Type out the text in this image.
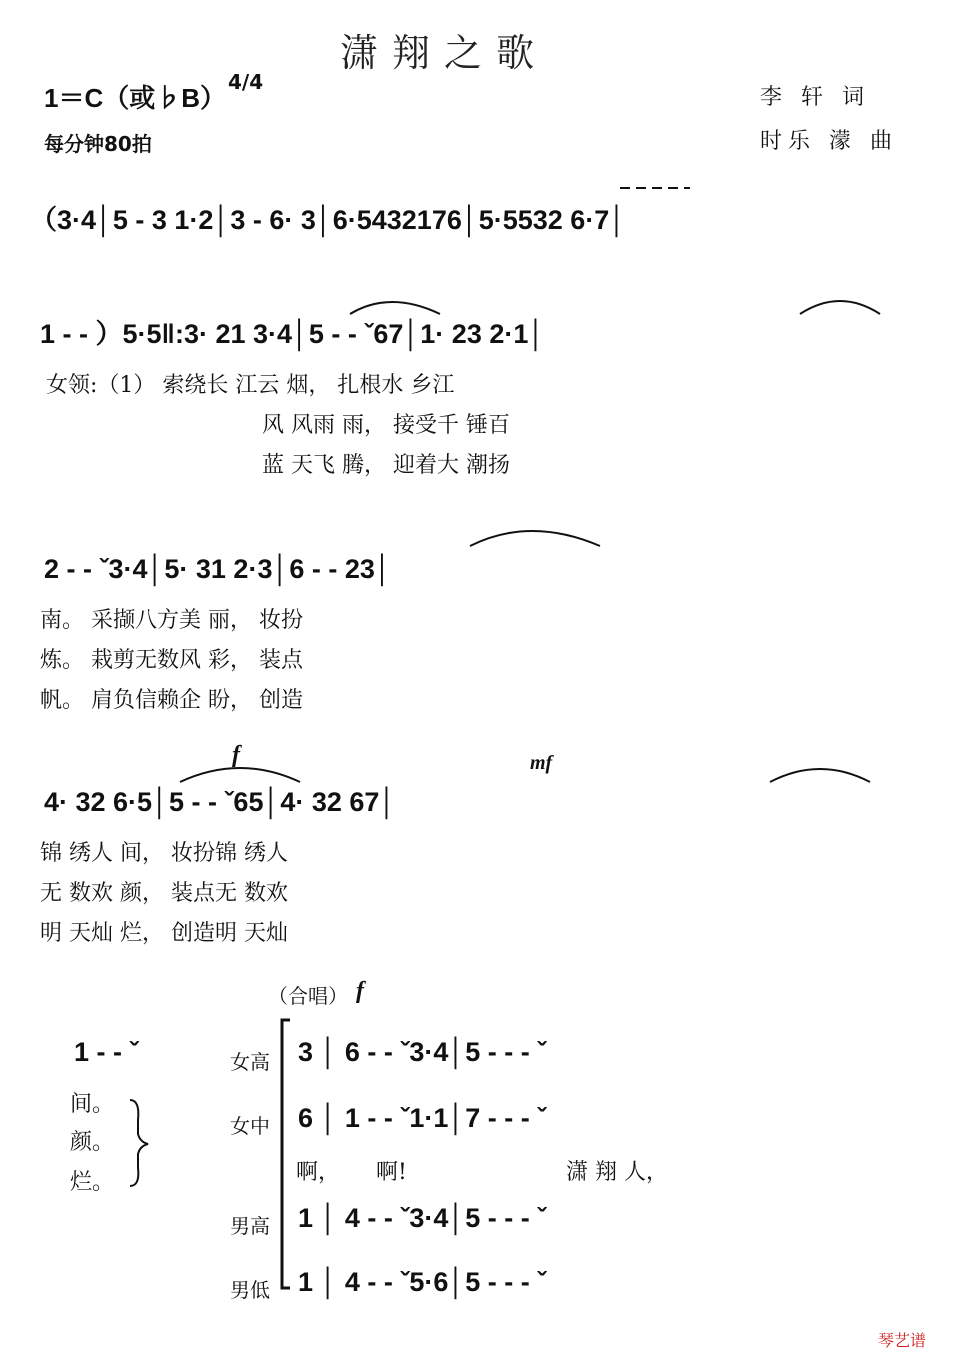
潇翔之歌
1＝C（或♭B）
4/4
每分钟80拍
李 轩 词
时乐 濛 曲
（3·4│5 - 3 1·2│3 - 6· 3│6·5432176│5·5532 6·7│
1 - - ）5·5‖:3· 21 3·4│5 - - ˇ67│1· 23 2·1│
女领:（1） 索绕长 江云 烟， 扎根水 乡江
风 风雨 雨， 接受千 锤百
蓝 天飞 腾， 迎着大 潮扬
2 - - ˇ3·4│5· 31 2·3│6 - - 23│
南。 采撷八方美 丽， 妆扮
炼。 栽剪无数风 彩， 装点
帆。 肩负信赖企 盼， 创造
f	mf
4· 32 6·5│5 - - ˇ65│4· 32 67│
锦 绣人 间， 妆扮锦 绣人
无 数欢 颜， 装点无 数欢
明 天灿 烂， 创造明 天灿
（合唱） f
1 - - ˇ
间。
颜。
烂。
女高 3 │ 6 - - ˇ3·4│5 - - - ˇ
女中 6 │ 1 - - ˇ1·1│7 - - - ˇ
啊， 啊!	潇 翔 人，
男高 1 │ 4 - - ˇ3·4│5 - - - ˇ
男低 1 │ 4 - - ˇ5·6│5 - - - ˇ
琴艺谱
